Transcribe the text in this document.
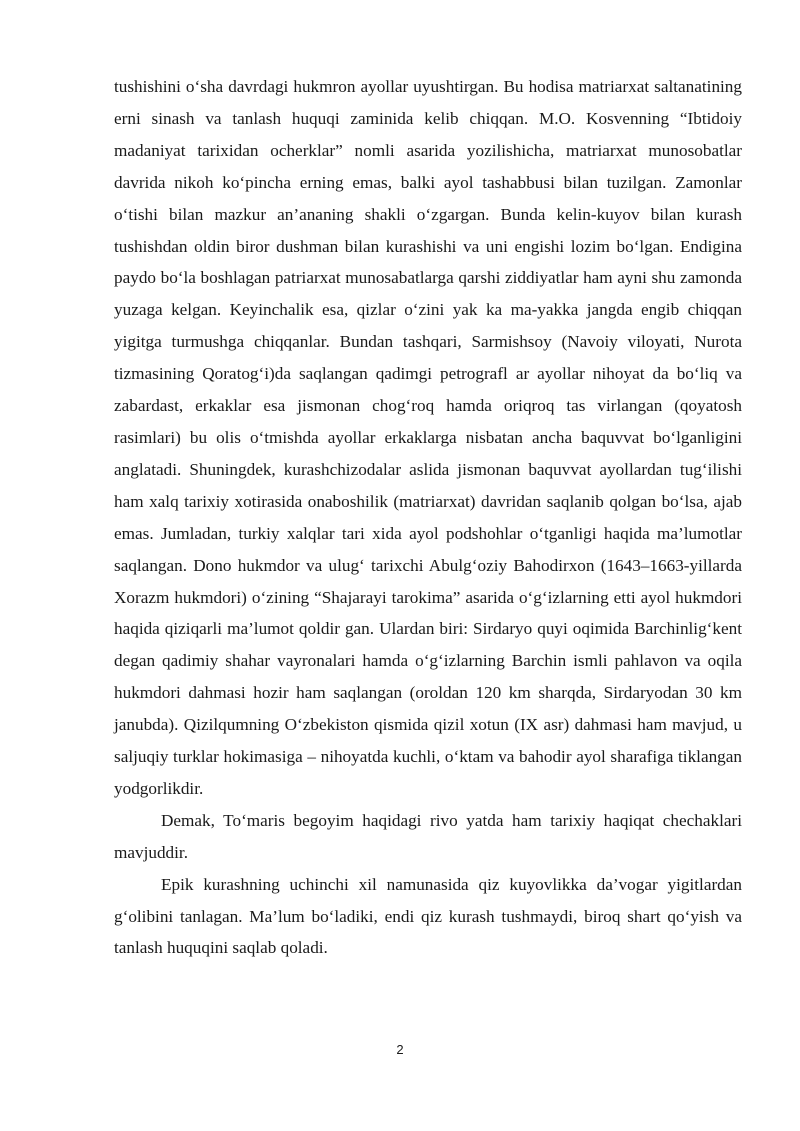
tushishini o‘sha davrdagi hukmron ayollar uyushtirgan. Bu hodisa matriarxat saltanatining erni sinash va tanlash huquqi zaminida kelib chiqqan. M.O. Kosvenning “Ibtidoiy madaniyat tarixidan ocherklar” nomli asarida yozilishicha, matriarxat munosobatlar davrida nikoh ko‘pincha erning emas, balki ayol tashabbusi bilan tuzilgan. Zamonlar o‘tishi bilan mazkur an’ananing shakli o‘zgargan. Bunda kelin-kuyov bilan kurash tushishdan oldin biror dushman bilan kurashishi va uni engishi lozim bo‘lgan. Endigina paydo bo‘la boshlagan patriarxat munosabatlarga qarshi ziddiyatlar ham ayni shu zamonda yuzaga kelgan. Keyinchalik esa, qizlar o‘zini yak ka ma-yakka jangda engib chiqqan yigitga turmushga chiqqanlar. Bundan tashqari, Sarmishsoy (Navoiy viloyati, Nurota tizmasining Qoratog‘i)da saqlangan qadimgi petrografl ar ayollar nihoyat da bo‘liq va zabardast, erkaklar esa jismonan chog‘roq hamda oriqroq tas virlangan (qoyatosh rasimlari) bu olis o‘tmishda ayollar erkaklarga nisbatan ancha baquvvat bo‘lganligini anglatadi. Shuningdek, kurashchizodalar aslida jismonan baquvvat ayollardan tug‘ilishi ham xalq tarixiy xotirasida onaboshilik (matriarxat) davridan saqlanib qolgan bo‘lsa, ajab emas. Jumladan, turkiy xalqlar tari xida ayol podshohlar o‘tganligi haqida ma’lumotlar saqlangan. Dono hukmdor va ulug‘ tarixchi Abulg‘oziy Bahodirxon (1643–1663-yillarda Xorazm hukmdori) o‘zining “Shajarayi tarokima” asarida o‘g‘izlarning etti ayol hukmdori haqida qiziqarli ma’lumot qoldir gan. Ulardan biri: Sirdaryo quyi oqimida Barchinlig‘kent degan qadimiy shahar vayronalari hamda o‘g‘izlarning Barchin ismli pahlavon va oqila hukmdori dahmasi hozir ham saqlangan (oroldan 120 km sharqda, Sirdaryodan 30 km janubda). Qizilqumning O‘zbekiston qismida qizil xotun (IX asr) dahmasi ham mavjud, u saljuqiy turklar hokimasiga – nihoyatda kuchli, o‘ktam va bahodir ayol sharafiga tiklangan yodgorlikdir.

Demak, To‘maris begoyim haqidagi rivo yatda ham tarixiy haqiqat chechaklari mavjuddir.

Epik kurashning uchinchi xil namunasida qiz kuyovlikka da’vogar yigitlardan g‘olibini tanlagan. Ma’lum bo‘ladiki, endi qiz kurash tushmaydi, biroq shart qo‘yish va tanlash huquqini saqlab qoladi.

2
